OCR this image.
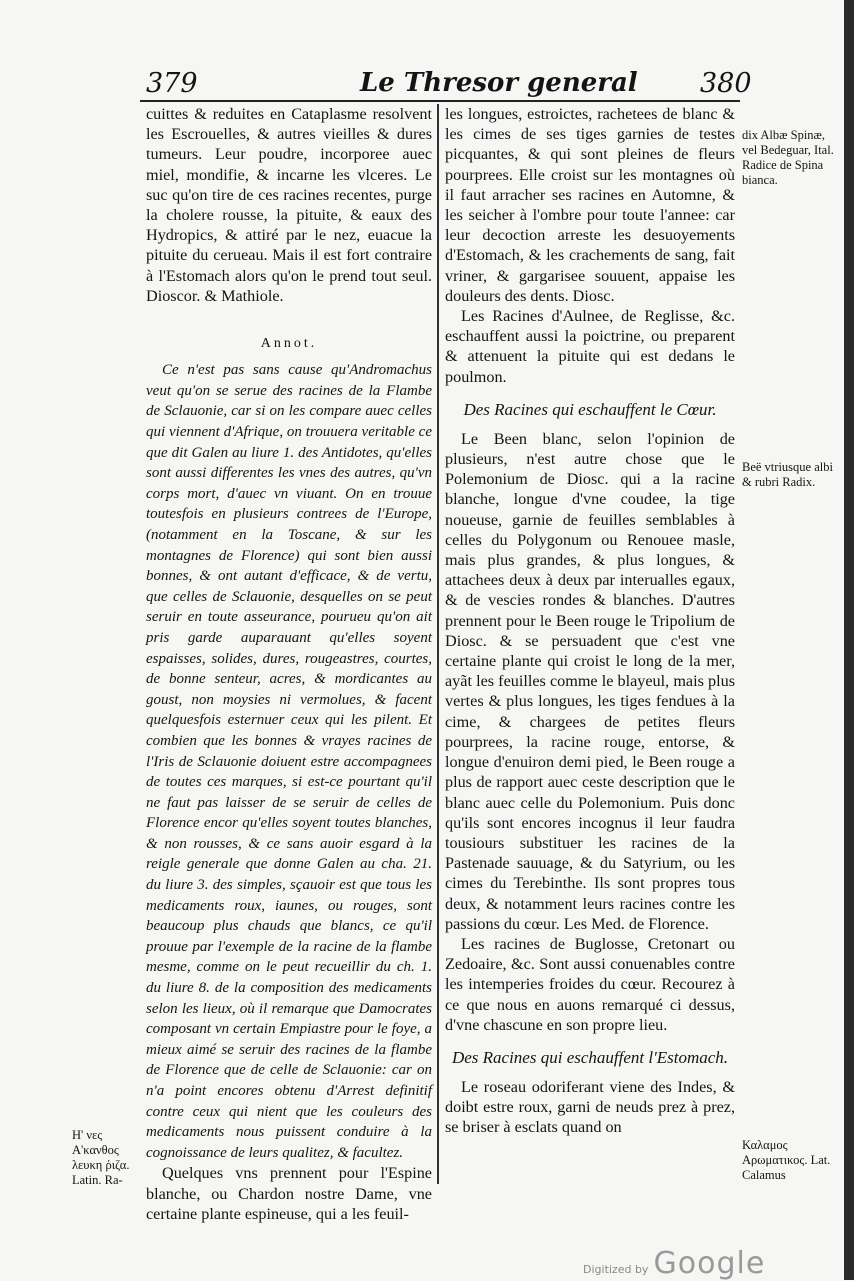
379	Le Thresor general 380

cuittes & reduites en Cataplasme resolvent les Escrouelles, & autres vieilles & dures tumeurs. Leur poudre, incorporee auec miel, mondifie, & incarne les vlceres. Le suc qu'on tire de ces racines recentes, purge la cholere rousse, la pituite, & eaux des Hydropics, & attiré par le nez, euacue la pituite du cerueau. Mais il est fort contraire à l'Estomach alors qu'on le prend tout seul. Dioscor. & Mathiole.

Annot.

Ce n'est pas sans cause qu'Andromachus veut qu'on se serue des racines de la Flambe de Sclauonie, car si on les compare auec celles qui viennent d'Afrique, on trouuera veritable ce que dit Galen au liure 1. des Antidotes, qu'elles sont aussi differentes les vnes des autres, qu'vn corps mort, d'auec vn viuant. On en trouue toutesfois en plusieurs contrees de l'Europe, (notamment en la Toscane, & sur les montagnes de Florence) qui sont bien aussi bonnes, & ont autant d'efficace, & de vertu, que celles de Sclauonie, desquelles on se peut seruir en toute asseurance, pourueu qu'on ait pris garde auparauant qu'elles soyent espaisses, solides, dures, rougeastres, courtes, de bonne senteur, acres, & mordicantes au goust, non moysies ni vermolues, & facent quelquesfois esternuer ceux qui les pilent. Et combien que les bonnes & vrayes racines de l'Iris de Sclauonie doiuent estre accompagnees de toutes ces marques, si est-ce pourtant qu'il ne faut pas laisser de se seruir de celles de Florence encor qu'elles soyent toutes blanches, & non rousses, & ce sans auoir esgard à la reigle generale que donne Galen au cha. 21. du liure 3. des simples, sçauoir est que tous les medicaments roux, iaunes, ou rouges, sont beaucoup plus chauds que blancs, ce qu'il prouue par l'exemple de la racine de la flambe mesme, comme on le peut recueillir du ch. 1. du liure 8. de la composition des medicaments selon les lieux, où il remarque que Damocrates composant vn certain Empiastre pour le foye, a mieux aimé se seruir des racines de la flambe de Florence que de celle de Sclauonie: car on n'a point encores obtenu d'Arrest definitif contre ceux qui nient que les couleurs des medicaments nous puissent conduire à la cognoissance de leurs qualitez, & facultez.

Quelques vns prennent pour l'Espine blanche, ou Chardon nostre Dame, vne certaine plante espineuse, qui a les feuil-

les longues, estroictes, rachetees de blanc & les cimes de ses tiges garnies de testes picquantes, & qui sont pleines de fleurs pourprees. Elle croist sur les montagnes où il faut arracher ses racines en Automne, & les seicher à l'ombre pour toute l'annee: car leur decoction arreste les desuoyements d'Estomach, & les crachements de sang, fait vriner, & gargarisee souuent, appaise les douleurs des dents. Diosc.

Les Racines d'Aulnee, de Reglisse, &c. eschauffent aussi la poictrine, ou preparent & attenuent la pituite qui est dedans le poulmon.

Des Racines qui eschauffent le Cœur.

Le Been blanc, selon l'opinion de plusieurs, n'est autre chose que le Polemonium de Diosc. qui a la racine blanche, longue d'vne coudee, la tige noueuse, garnie de feuilles semblables à celles du Polygonum ou Renouee masle, mais plus grandes, & plus longues, & attachees deux à deux par interualles egaux, & de vescies rondes & blanches. D'autres prennent pour le Been rouge le Tripolium de Diosc. & se persuadent que c'est vne certaine plante qui croist le long de la mer, ayãt les feuilles comme le blayeul, mais plus vertes & plus longues, les tiges fendues à la cime, & chargees de petites fleurs pourprees, la racine rouge, entorse, & longue d'enuiron demi pied, le Been rouge a plus de rapport auec ceste description que le blanc auec celle du Polemonium. Puis donc qu'ils sont encores incognus il leur faudra tousiours substituer les racines de la Pastenade sauuage, & du Satyrium, ou les cimes du Terebinthe. Ils sont propres tous deux, & notamment leurs racines contre les passions du cœur. Les Med. de Florence.

Les racines de Buglosse, Cretonart ou Zedoaire, &c. Sont aussi conuenables contre les intemperies froides du cœur. Recourez à ce que nous en auons remarqué ci dessus, d'vne chascune en son propre lieu.

Des Racines qui eschauffent l'Estomach.

Le roseau odoriferant viene des Indes, & doibt estre roux, garni de neuds prez à prez, se briser à esclats quand on

dix Albæ Spinæ, vel Bedeguar, Ital. Radice de Spina bianca.
Beë vtriusque albi & rubri Radix.
Καλαμος Αρωματικος. Lat. Calamus
H' νες Α'κανθος λευκη ῥιζα. Latin. Ra-
Digitized by Google
